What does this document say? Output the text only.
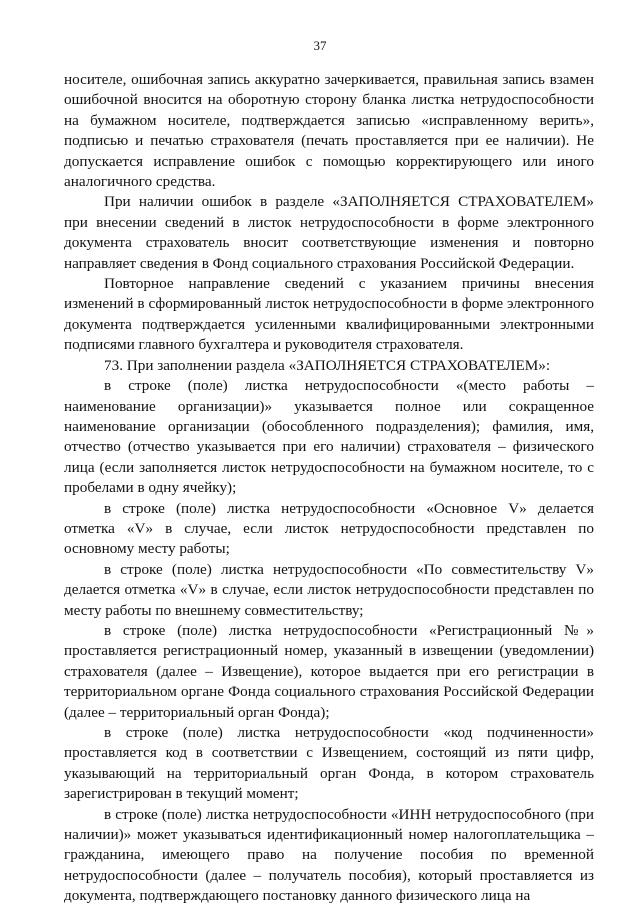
37

носителе, ошибочная запись аккуратно зачеркивается, правильная запись взамен ошибочной вносится на оборотную сторону бланка листка нетрудоспособности на бумажном носителе, подтверждается записью «исправленному верить», подписью и печатью страхователя (печать проставляется при ее наличии). Не допускается исправление ошибок с помощью корректирующего или иного аналогичного средства.

При наличии ошибок в разделе «ЗАПОЛНЯЕТСЯ СТРАХОВАТЕЛЕМ» при внесении сведений в листок нетрудоспособности в форме электронного документа страхователь вносит соответствующие изменения и повторно направляет сведения в Фонд социального страхования Российской Федерации.

Повторное направление сведений с указанием причины внесения изменений в сформированный листок нетрудоспособности в форме электронного документа подтверждается усиленными квалифицированными электронными подписями главного бухгалтера и руководителя страхователя.

73. При заполнении раздела «ЗАПОЛНЯЕТСЯ СТРАХОВАТЕЛЕМ»:

в строке (поле) листка нетрудоспособности «(место работы – наименование организации)» указывается полное или сокращенное наименование организации (обособленного подразделения); фамилия, имя, отчество (отчество указывается при его наличии) страхователя – физического лица (если заполняется листок нетрудоспособности на бумажном носителе, то с пробелами в одну ячейку);

в строке (поле) листка нетрудоспособности «Основное V» делается отметка «V» в случае, если листок нетрудоспособности представлен по основному месту работы;

в строке (поле) листка нетрудоспособности «По совместительству V» делается отметка «V» в случае, если листок нетрудоспособности представлен по месту работы по внешнему совместительству;

в строке (поле) листка нетрудоспособности «Регистрационный №» проставляется регистрационный номер, указанный в извещении (уведомлении) страхователя (далее – Извещение), которое выдается при его регистрации в территориальном органе Фонда социального страхования Российской Федерации (далее – территориальный орган Фонда);

в строке (поле) листка нетрудоспособности «код подчиненности» проставляется код в соответствии с Извещением, состоящий из пяти цифр, указывающий на территориальный орган Фонда, в котором страхователь зарегистрирован в текущий момент;

в строке (поле) листка нетрудоспособности «ИНН нетрудоспособного (при наличии)» может указываться идентификационный номер налогоплательщика – гражданина, имеющего право на получение пособия по временной нетрудоспособности (далее – получатель пособия), который проставляется из документа, подтверждающего постановку данного физического лица на
